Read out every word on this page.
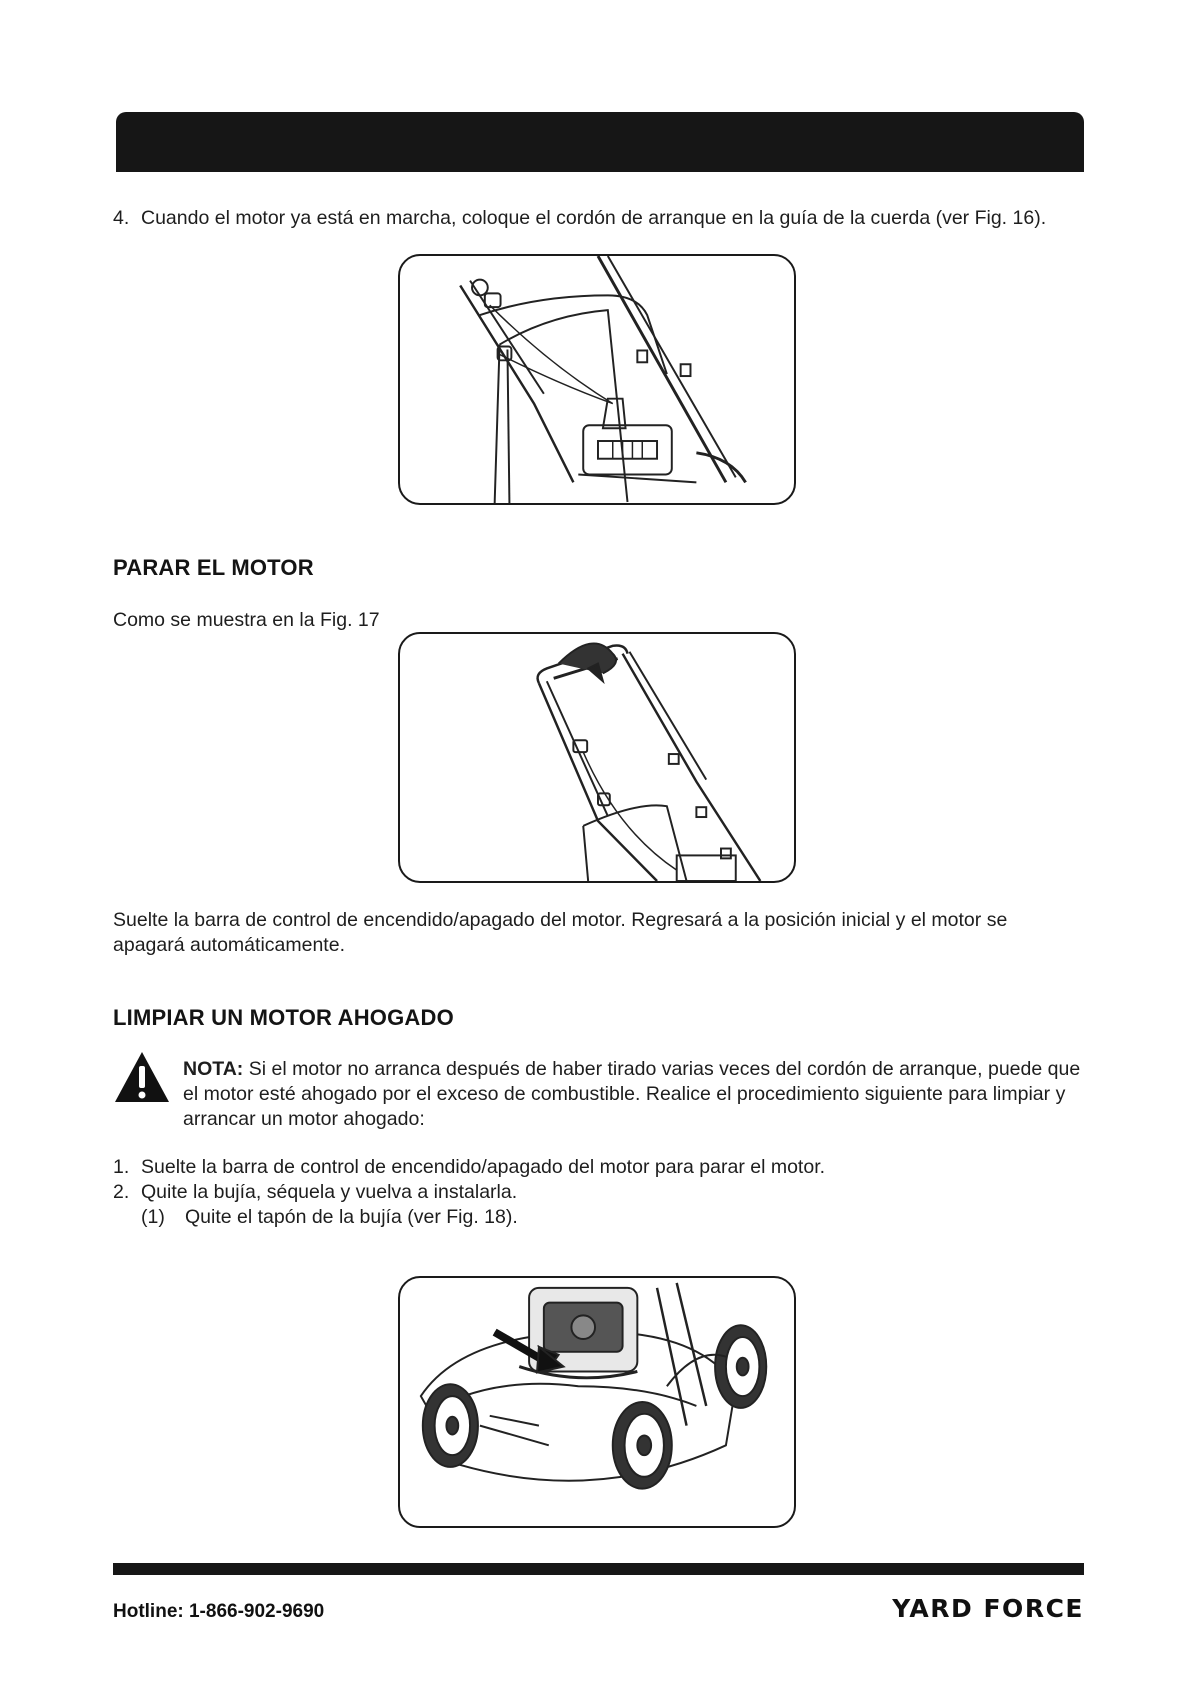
4. Cuando el motor ya está en marcha, coloque el cordón de arranque en la guía de la cuerda (ver Fig. 16).
PARAR EL MOTOR
Como se muestra en la Fig. 17
Suelte la barra de control de encendido/apagado del motor. Regresará a la posición inicial y el motor se apagará automáticamente.
LIMPIAR UN MOTOR AHOGADO
NOTA: Si el motor no arranca después de haber tirado varias veces del cordón de arranque, puede que el motor esté ahogado por el exceso de combustible. Realice el procedimiento siguiente para limpiar y arrancar un motor ahogado:
1. Suelte la barra de control de encendido/apagado del motor para parar el motor.
2. Quite la bujía, séquela y vuelva a instalarla.
(1) Quite el tapón de la bujía (ver Fig. 18).
Hotline: 1-866-902-9690	YARD FORCE
